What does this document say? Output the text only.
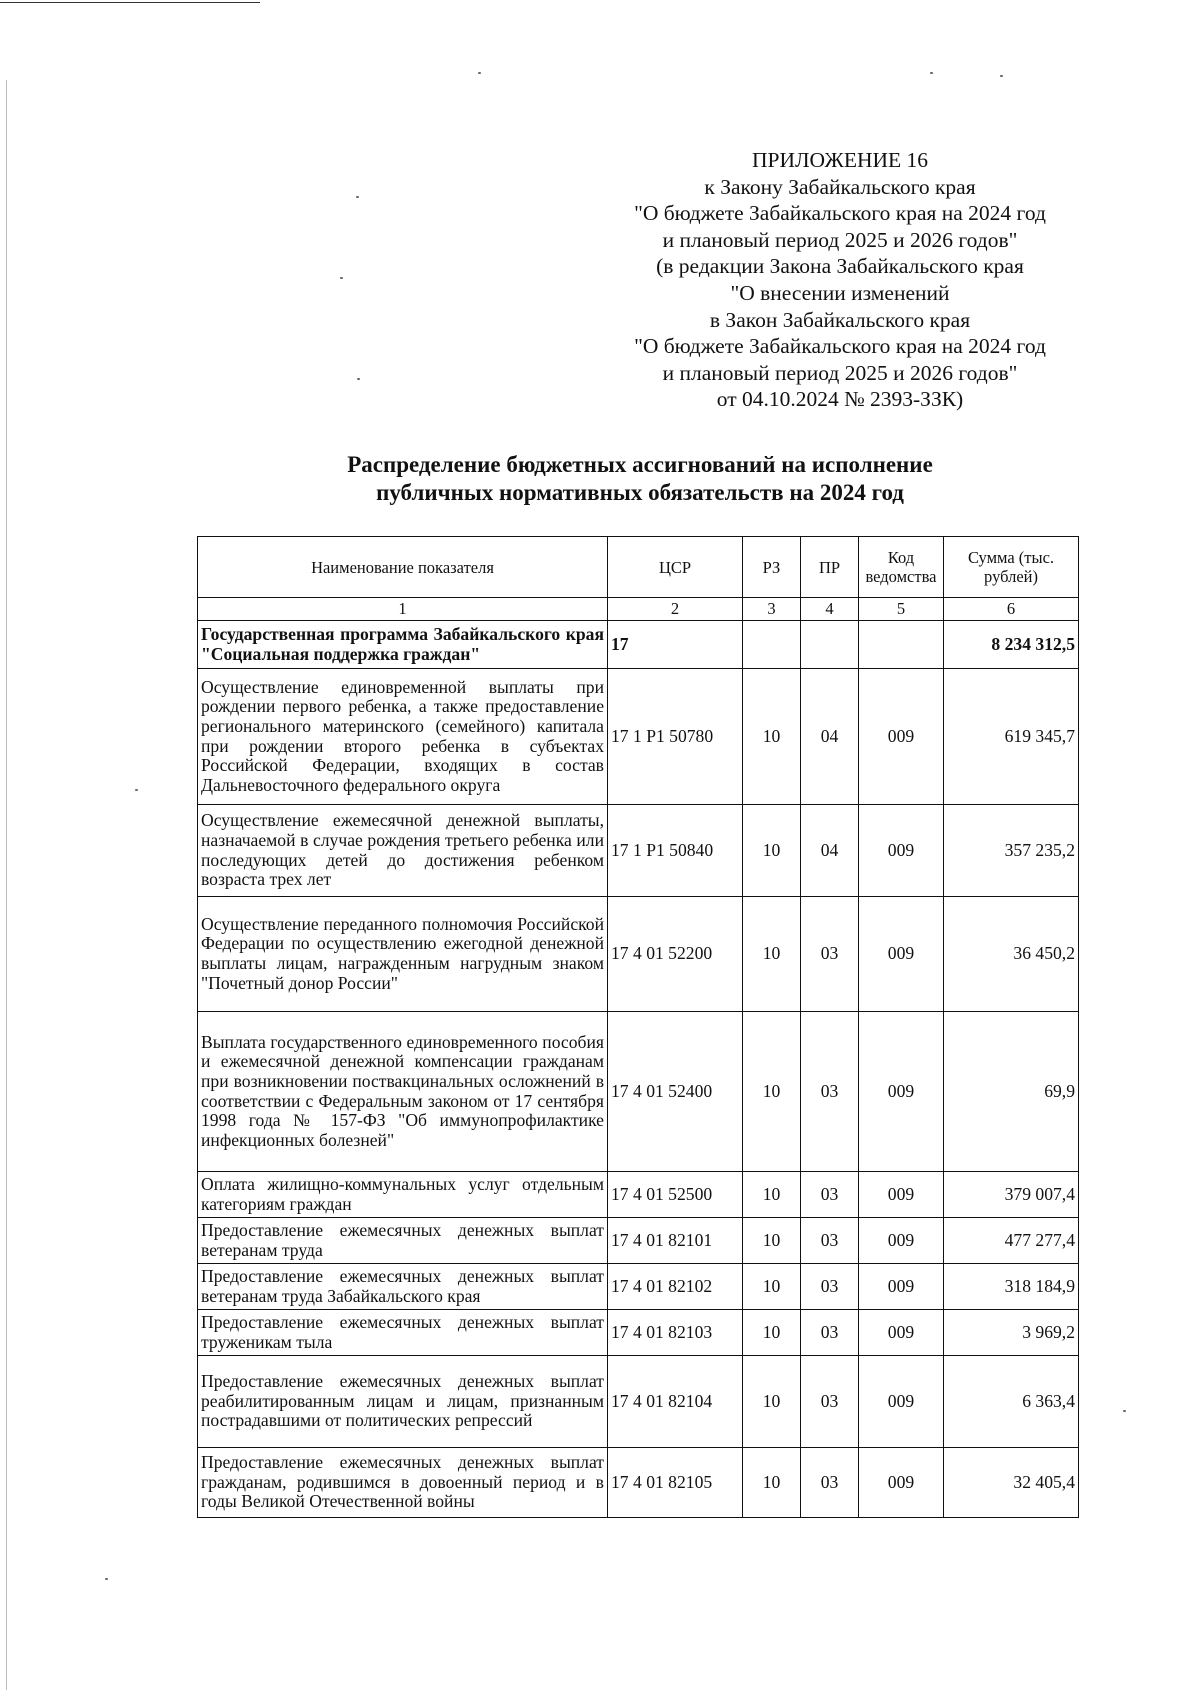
ПРИЛОЖЕНИЕ 16
к Закону Забайкальского края
"О бюджете Забайкальского края на 2024 год
и плановый период 2025 и 2026 годов"
(в редакции Закона Забайкальского края
"О внесении изменений
в Закон Забайкальского края
"О бюджете Забайкальского края на 2024 год
и плановый период 2025 и 2026 годов"
от 04.10.2024 № 2393-ЗЗК)
Распределение бюджетных ассигнований на исполнение
публичных нормативных обязательств на 2024 год
Наименование показателя	ЦСР	РЗ	ПР	Код ведомства	Сумма (тыс. рублей)
1	2	3	4	5	6
Государственная программа Забайкальского края "Социальная поддержка граждан"	17				8 234 312,5
Осуществление единовременной выплаты при рождении первого ребенка, а также предоставление регионального материнского (семейного) капитала при рождении второго ребенка в субъектах Российской Федерации, входящих в состав Дальневосточного федерального округа	17 1 Р1 50780	10	04	009	619 345,7
Осуществление ежемесячной денежной выплаты, назначаемой в случае рождения третьего ребенка или последующих детей до достижения ребенком возраста трех лет	17 1 Р1 50840	10	04	009	357 235,2
Осуществление переданного полномочия Российской Федерации по осуществлению ежегодной денежной выплаты лицам, награжденным нагрудным знаком "Почетный донор России"	17 4 01 52200	10	03	009	36 450,2
Выплата государственного единовременного пособия и ежемесячной денежной компенсации гражданам при возникновении поствакцинальных осложнений в соответствии с Федеральным законом от 17 сентября 1998 года № 157-ФЗ "Об иммунопрофилактике инфекционных болезней"	17 4 01 52400	10	03	009	69,9
Оплата жилищно-коммунальных услуг отдельным категориям граждан	17 4 01 52500	10	03	009	379 007,4
Предоставление ежемесячных денежных выплат ветеранам труда	17 4 01 82101	10	03	009	477 277,4
Предоставление ежемесячных денежных выплат ветеранам труда Забайкальского края	17 4 01 82102	10	03	009	318 184,9
Предоставление ежемесячных денежных выплат труженикам тыла	17 4 01 82103	10	03	009	3 969,2
Предоставление ежемесячных денежных выплат реабилитированным лицам и лицам, признанным пострадавшими от политических репрессий	17 4 01 82104	10	03	009	6 363,4
Предоставление ежемесячных денежных выплат гражданам, родившимся в довоенный период и в годы Великой Отечественной войны	17 4 01 82105	10	03	009	32 405,4
